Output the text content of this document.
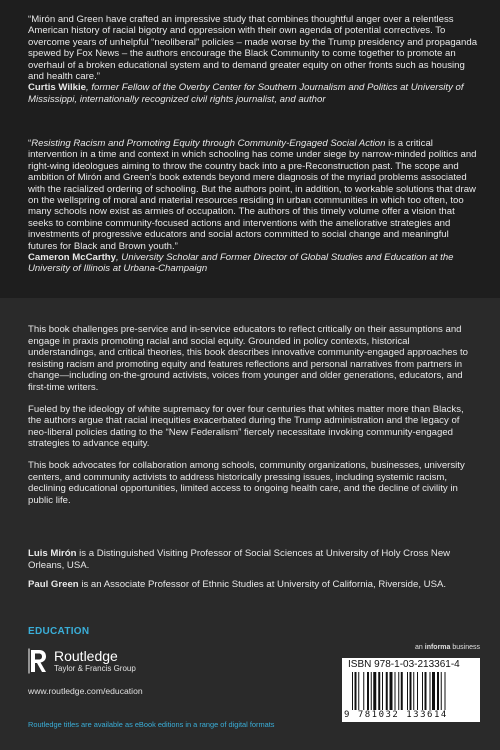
“Mirón and Green have crafted an impressive study that combines thoughtful anger over a relentless American history of racial bigotry and oppression with their own agenda of potential correctives. To overcome years of unhelpful “neoliberal” policies – made worse by the Trump presidency and propaganda spewed by Fox News – the authors encourage the Black Community to come together to promote an overhaul of a broken educational system and to demand greater equity on other fronts such as housing and health care.”

Curtis Wilkie, former Fellow of the Overby Center for Southern Journalism and Politics at University of Mississippi, internationally recognized civil rights journalist, and author

“Resisting Racism and Promoting Equity through Community-Engaged Social Action is a critical intervention in a time and context in which schooling has come under siege by narrow-minded politics and right-wing ideologues aiming to throw the country back into a pre-Reconstruction past. The scope and ambition of Mirón and Green’s book extends beyond mere diagnosis of the myriad problems associated with the racialized ordering of schooling. But the authors point, in addition, to workable solutions that draw on the wellspring of moral and material resources residing in urban communities in which too often, too many schools now exist as armies of occupation. The authors of this timely volume offer a vision that seeks to combine community-focused actions and interventions with the ameliorative strategies and investments of progressive educators and social actors committed to social change and meaningful futures for Black and Brown youth.”

Cameron McCarthy, University Scholar and Former Director of Global Studies and Education at the University of Illinois at Urbana-Champaign

This book challenges pre-service and in-service educators to reflect critically on their assumptions and engage in praxis promoting racial and social equity. Grounded in policy contexts, historical understandings, and critical theories, this book describes innovative community-engaged approaches to resisting racism and promoting equity and features reflections and personal narratives from partners in change—including on-the-ground activists, voices from younger and older generations, educators, and first-time writers.

Fueled by the ideology of white supremacy for over four centuries that whites matter more than Blacks, the authors argue that racial inequities exacerbated during the Trump administration and the legacy of neo-liberal policies dating to the “New Federalism” fiercely necessitate invoking community-engaged strategies to advance equity.

This book advocates for collaboration among schools, community organizations, businesses, university centers, and community activists to address historically pressing issues, including systemic racism, declining educational opportunities, limited access to ongoing health care, and the decline of civility in public life.

Luis Mirón is a Distinguished Visiting Professor of Social Sciences at University of Holy Cross New Orleans, USA.

Paul Green is an Associate Professor of Ethnic Studies at University of California, Riverside, USA.

EDUCATION
Routledge
Taylor & Francis Group
www.routledge.com/education
Routledge titles are available as eBook editions in a range of digital formats
an informa business
ISBN 978-1-03-213361-4
9 781032 133614
